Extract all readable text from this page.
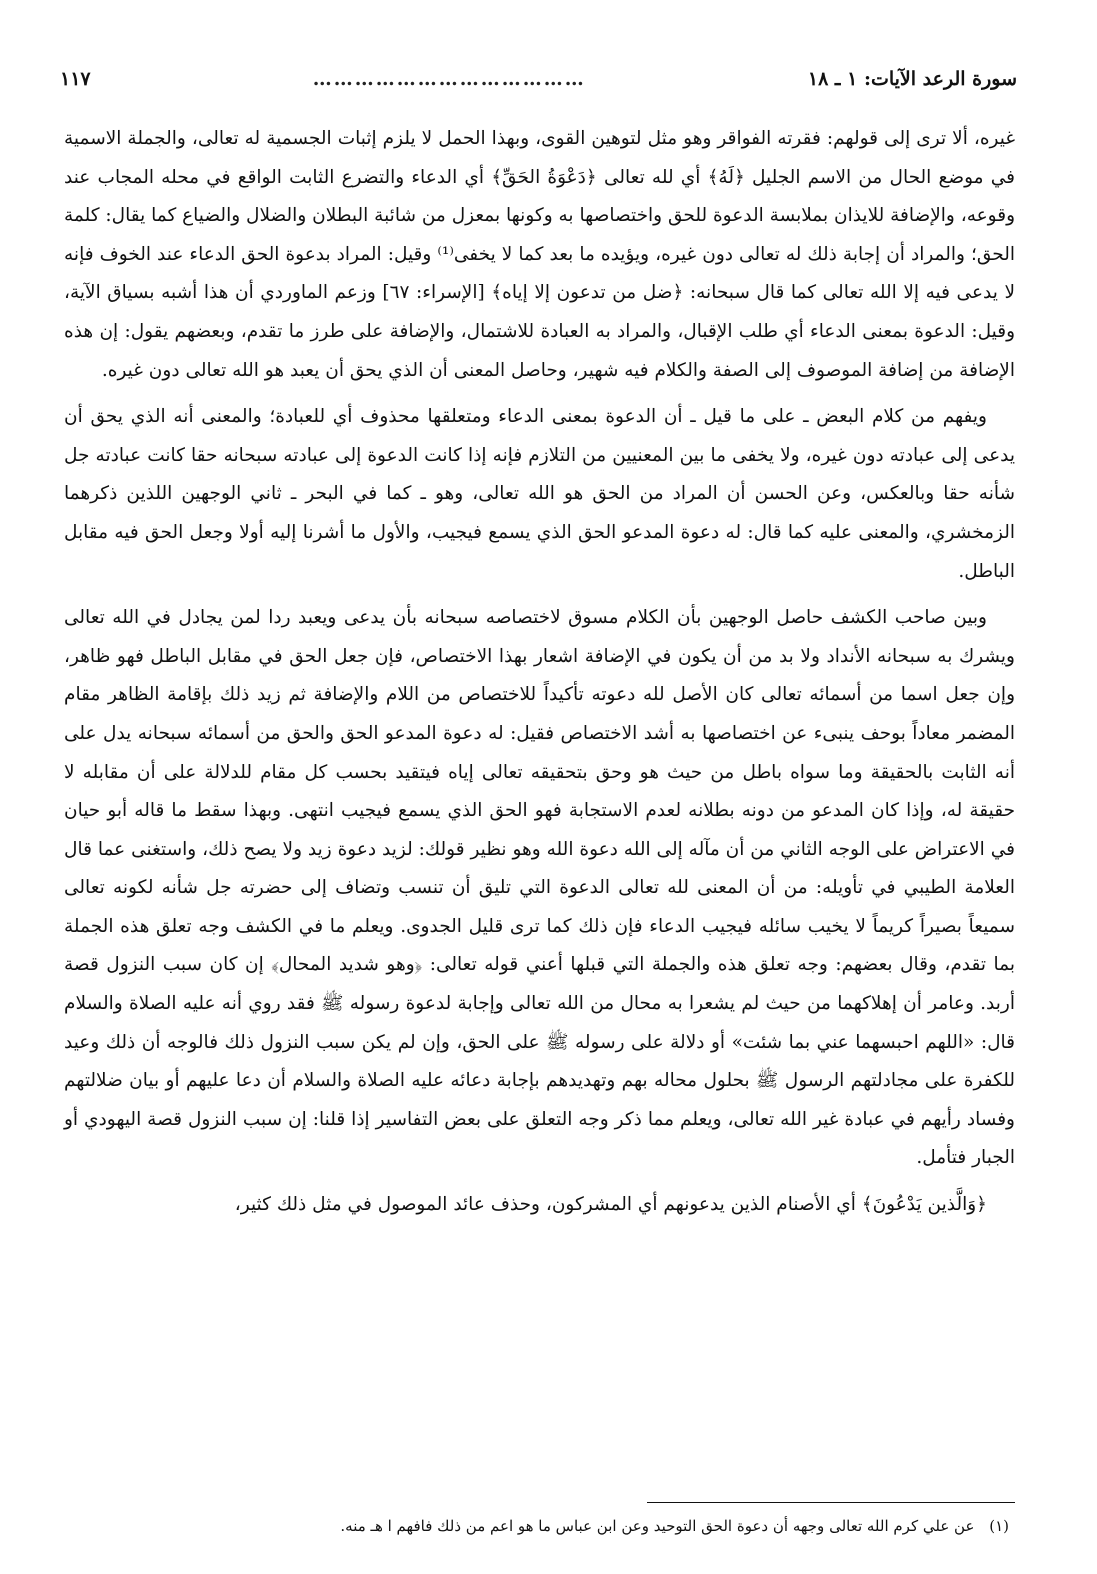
سورة الرعد الآيات: ١ ـ ١٨
…………………………………
١١٧

غيره، ألا ترى إلى قولهم: فقرته الفواقر وهو مثل لتوهين القوى، وبهذا الحمل لا يلزم إثبات الجسمية له تعالى، والجملة الاسمية في موضع الحال من الاسم الجليل ﴿لَهُ﴾ أي لله تعالى ﴿دَعْوَةُ الحَقِّ﴾ أي الدعاء والتضرع الثابت الواقع في محله المجاب عند وقوعه، والإضافة للايذان بملابسة الدعوة للحق واختصاصها به وكونها بمعزل من شائبة البطلان والضلال والضياع كما يقال: كلمة الحق؛ والمراد أن إجابة ذلك له تعالى دون غيره، ويؤيده ما بعد كما لا يخفى⁽¹⁾ وقيل: المراد بدعوة الحق الدعاء عند الخوف فإنه لا يدعى فيه إلا الله تعالى كما قال سبحانه: ﴿ضل من تدعون إلا إياه﴾ [الإسراء: ٦٧] وزعم الماوردي أن هذا أشبه بسياق الآية، وقيل: الدعوة بمعنى الدعاء أي طلب الإقبال، والمراد به العبادة للاشتمال، والإضافة على طرز ما تقدم، وبعضهم يقول: إن هذه الإضافة من إضافة الموصوف إلى الصفة والكلام فيه شهير، وحاصل المعنى أن الذي يحق أن يعبد هو الله تعالى دون غيره.

ويفهم من كلام البعض ـ على ما قيل ـ أن الدعوة بمعنى الدعاء ومتعلقها محذوف أي للعبادة؛ والمعنى أنه الذي يحق أن يدعى إلى عبادته دون غيره، ولا يخفى ما بين المعنيين من التلازم فإنه إذا كانت الدعوة إلى عبادته سبحانه حقا كانت عبادته جل شأنه حقا وبالعكس، وعن الحسن أن المراد من الحق هو الله تعالى، وهو ـ كما في البحر ـ ثاني الوجهين اللذين ذكرهما الزمخشري، والمعنى عليه كما قال: له دعوة المدعو الحق الذي يسمع فيجيب، والأول ما أشرنا إليه أولا وجعل الحق فيه مقابل الباطل.

وبين صاحب الكشف حاصل الوجهين بأن الكلام مسوق لاختصاصه سبحانه بأن يدعى ويعبد ردا لمن يجادل في الله تعالى ويشرك به سبحانه الأنداد ولا بد من أن يكون في الإضافة اشعار بهذا الاختصاص، فإن جعل الحق في مقابل الباطل فهو ظاهر، وإن جعل اسما من أسمائه تعالى كان الأصل لله دعوته تأكيداً للاختصاص من اللام والإضافة ثم زيد ذلك بإقامة الظاهر مقام المضمر معاداً بوحف ينبىء عن اختصاصها به أشد الاختصاص فقيل: له دعوة المدعو الحق والحق من أسمائه سبحانه يدل على أنه الثابت بالحقيقة وما سواه باطل من حيث هو وحق بتحقيقه تعالى إياه فيتقيد بحسب كل مقام للدلالة على أن مقابله لا حقيقة له، وإذا كان المدعو من دونه بطلانه لعدم الاستجابة فهو الحق الذي يسمع فيجيب انتهى. وبهذا سقط ما قاله أبو حيان في الاعتراض على الوجه الثاني من أن مآله إلى الله دعوة الله وهو نظير قولك: لزيد دعوة زيد ولا يصح ذلك، واستغنى عما قال العلامة الطيبي في تأويله: من أن المعنى لله تعالى الدعوة التي تليق أن تنسب وتضاف إلى حضرته جل شأنه لكونه تعالى سميعاً بصيراً كريماً لا يخيب سائله فيجيب الدعاء فإن ذلك كما ترى قليل الجدوى. ويعلم ما في الكشف وجه تعلق هذه الجملة بما تقدم، وقال بعضهم: وجه تعلق هذه والجملة التي قبلها أعني قوله تعالى: ﴿وهو شديد المحال﴾ إن كان سبب النزول قصة أربد. وعامر أن إهلاكهما من حيث لم يشعرا به محال من الله تعالى وإجابة لدعوة رسوله ﷺ فقد روي أنه عليه الصلاة والسلام قال: «اللهم احبسهما عني بما شئت» أو دلالة على رسوله ﷺ على الحق، وإن لم يكن سبب النزول ذلك فالوجه أن ذلك وعيد للكفرة على مجادلتهم الرسول ﷺ بحلول محاله بهم وتهديدهم بإجابة دعائه عليه الصلاة والسلام أن دعا عليهم أو بيان ضلالتهم وفساد رأيهم في عبادة غير الله تعالى، ويعلم مما ذكر وجه التعلق على بعض التفاسير إذا قلنا: إن سبب النزول قصة اليهودي أو الجبار فتأمل.

﴿وَالَّذين يَدْعُونَ﴾ أي الأصنام الذين يدعونهم أي المشركون، وحذف عائد الموصول في مثل ذلك كثير،

(١) عن علي كرم الله تعالى وجهه أن دعوة الحق التوحيد وعن ابن عباس ما هو اعم من ذلك فافهم ا هـ منه.
